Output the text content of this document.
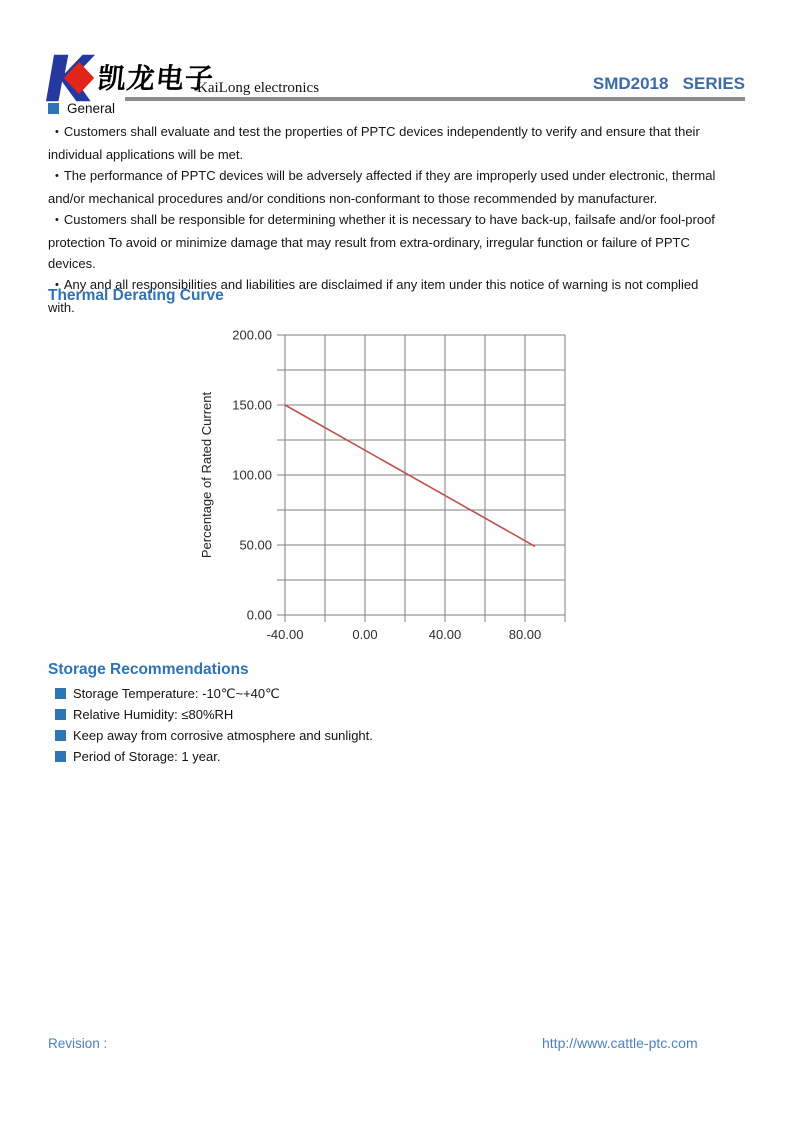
凯龙电子
KaiLong electronics	SMD2018   SERIES
General

• Customers shall evaluate and test the properties of PPTC devices independently to verify and ensure that their individual applications will be met.

• The performance of PPTC devices will be adversely affected if they are improperly used under electronic, thermal and/or mechanical procedures and/or conditions non-conformant to those recommended by manufacturer.

• Customers shall be responsible for determining whether it is necessary to have back-up, failsafe and/or fool-proof protection To avoid or minimize damage that may result from extra-ordinary, irregular function or failure of PPTC devices.

• Any and all responsibilities and liabilities are disclaimed if any item under this notice of warning is not complied with.

Thermal Derating Curve
-40.00	0.00	40.00	80.00
0.00
50.00
100.00
150.00
200.00
Percentage of Rated Current
Storage Recommendations
Storage Temperature: -10℃~+40℃
Relative Humidity: ≤80%RH
Keep away from corrosive atmosphere and sunlight.
Period of Storage: 1 year.
Revision :	http://www.cattle-ptc.com
